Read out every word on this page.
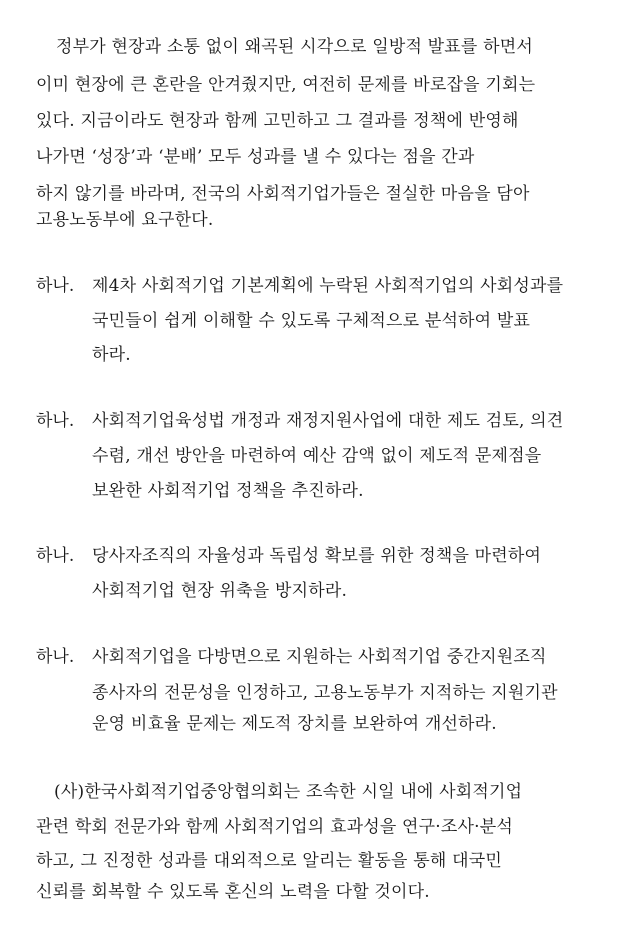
정부가 현장과 소통 없이 왜곡된 시각으로 일방적 발표를 하면서
이미 현장에 큰 혼란을 안겨줬지만, 여전히 문제를 바로잡을 기회는
있다. 지금이라도 현장과 함께 고민하고 그 결과를 정책에 반영해
나가면 ‘성장’과 ‘분배’ 모두 성과를 낼 수 있다는 점을 간과
하지 않기를 바라며, 전국의 사회적기업가들은 절실한 마음을 담아
고용노동부에 요구한다.
하나. 제4차 사회적기업 기본계획에 누락된 사회적기업의 사회성과를
국민들이 쉽게 이해할 수 있도록 구체적으로 분석하여 발표
하라.
하나. 사회적기업육성법 개정과 재정지원사업에 대한 제도 검토, 의견
수렴, 개선 방안을 마련하여 예산 감액 없이 제도적 문제점을
보완한 사회적기업 정책을 추진하라.
하나. 당사자조직의 자율성과 독립성 확보를 위한 정책을 마련하여
사회적기업 현장 위축을 방지하라.
하나. 사회적기업을 다방면으로 지원하는 사회적기업 중간지원조직
종사자의 전문성을 인정하고, 고용노동부가 지적하는 지원기관
운영 비효율 문제는 제도적 장치를 보완하여 개선하라.
(사)한국사회적기업중앙협의회는 조속한 시일 내에 사회적기업
관련 학회 전문가와 함께 사회적기업의 효과성을 연구·조사·분석
하고, 그 진정한 성과를 대외적으로 알리는 활동을 통해 대국민
신뢰를 회복할 수 있도록 혼신의 노력을 다할 것이다.
